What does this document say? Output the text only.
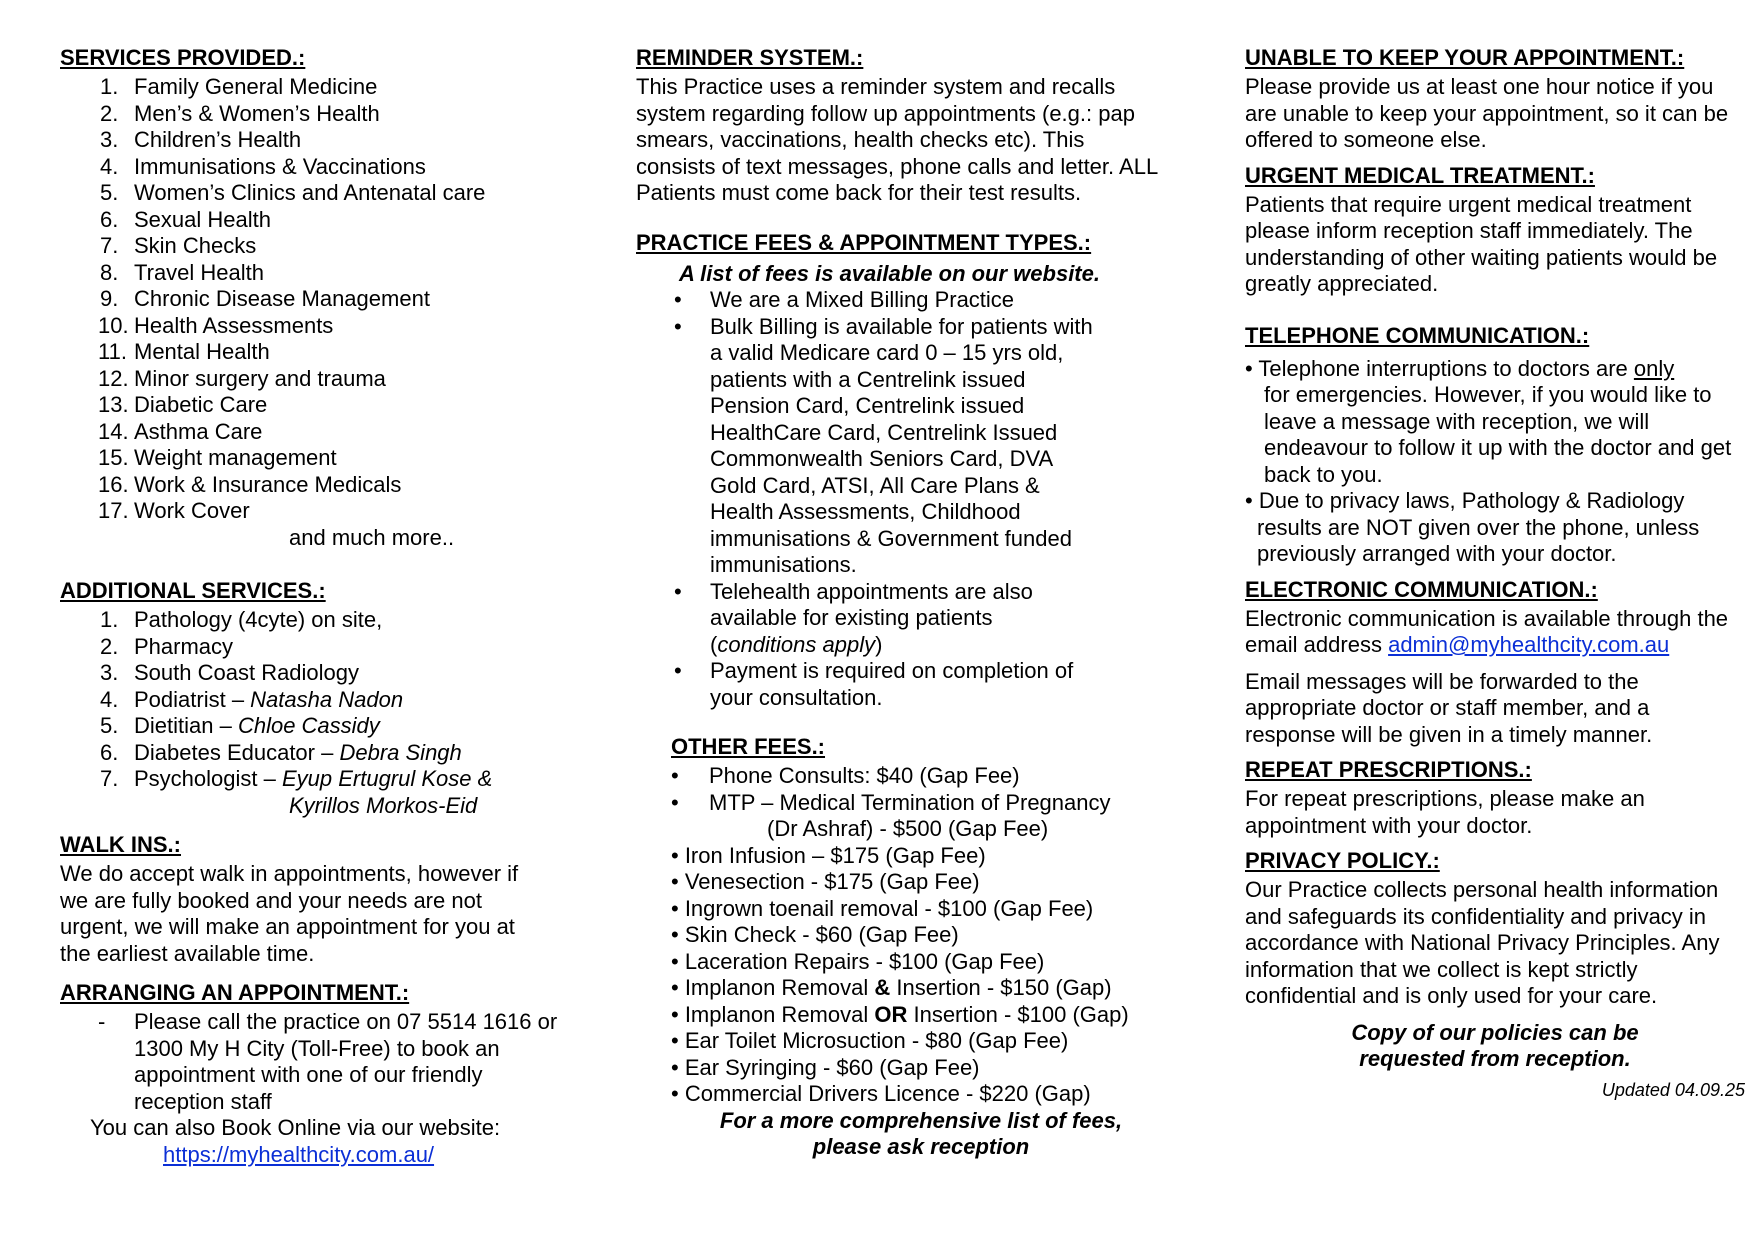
SERVICES PROVIDED.:
1. Family General Medicine
2. Men’s & Women’s Health
3. Children’s Health
4. Immunisations & Vaccinations
5. Women’s Clinics and Antenatal care
6. Sexual Health
7. Skin Checks
8. Travel Health
9. Chronic Disease Management
10. Health Assessments
11. Mental Health
12. Minor surgery and trauma
13. Diabetic Care
14. Asthma Care
15. Weight management
16. Work & Insurance Medicals
17. Work Cover

and much more..

ADDITIONAL SERVICES.:
1. Pathology (4cyte) on site,
2. Pharmacy
3. South Coast Radiology
4. Podiatrist – Natasha Nadon
5. Dietitian – Chloe Cassidy
6. Diabetes Educator – Debra Singh
7. Psychologist – Eyup Ertugrul Kose &

Kyrillos Morkos-Eid

WALK INS.:

We do accept walk in appointments, however if we are fully booked and your needs are not urgent, we will make an appointment for you at the earliest available time.

ARRANGING AN APPOINTMENT.:
-	Please call the practice on 07 5514 1616 or 1300 My H City (Toll-Free) to book an appointment with one of our friendly reception staff

You can also Book Online via our website:

https://myhealthcity.com.au/

REMINDER SYSTEM.:

This Practice uses a reminder system and recalls system regarding follow up appointments (e.g.: pap smears, vaccinations, health checks etc). This consists of text messages, phone calls and letter. ALL Patients must come back for their test results.

PRACTICE FEES & APPOINTMENT TYPES.:

A list of fees is available on our website.

• We are a Mixed Billing Practice
• Bulk Billing is available for patients with a valid Medicare card 0 – 15 yrs old, patients with a Centrelink issued Pension Card, Centrelink issued HealthCare Card, Centrelink Issued Commonwealth Seniors Card, DVA Gold Card, ATSI, All Care Plans & Health Assessments, Childhood immunisations & Government funded immunisations.
• Telehealth appointments are also available for existing patients (conditions apply)
• Payment is required on completion of your consultation.
OTHER FEES.:
• Phone Consults: $40 (Gap Fee)
• MTP – Medical Termination of Pregnancy
(Dr Ashraf) - $500 (Gap Fee)
• Iron Infusion – $175 (Gap Fee)
• Venesection - $175 (Gap Fee)
• Ingrown toenail removal - $100 (Gap Fee)
• Skin Check - $60 (Gap Fee)
• Laceration Repairs - $100 (Gap Fee)
• Implanon Removal & Insertion - $150 (Gap)
• Implanon Removal OR Insertion - $100 (Gap)
• Ear Toilet Microsuction - $80 (Gap Fee)
• Ear Syringing - $60 (Gap Fee)
• Commercial Drivers Licence - $220 (Gap)

For a more comprehensive list of fees,

please ask reception

UNABLE TO KEEP YOUR APPOINTMENT.:

Please provide us at least one hour notice if you are unable to keep your appointment, so it can be offered to someone else.

URGENT MEDICAL TREATMENT.:

Patients that require urgent medical treatment please inform reception staff immediately. The understanding of other waiting patients would be greatly appreciated.

TELEPHONE COMMUNICATION.:
• Telephone interruptions to doctors are only
for emergencies. However, if you would like to leave a message with reception, we will endeavour to follow it up with the doctor and get back to you.
• Due to privacy laws, Pathology & Radiology
results are NOT given over the phone, unless previously arranged with your doctor.
ELECTRONIC COMMUNICATION.:

Electronic communication is available through the email address admin@myhealthcity.com.au

Email messages will be forwarded to the appropriate doctor or staff member, and a response will be given in a timely manner.

REPEAT PRESCRIPTIONS.:

For repeat prescriptions, please make an appointment with your doctor.

PRIVACY POLICY.:

Our Practice collects personal health information and safeguards its confidentiality and privacy in accordance with National Privacy Principles. Any information that we collect is kept strictly confidential and is only used for your care.

Copy of our policies can be

requested from reception.

Updated 04.09.25
